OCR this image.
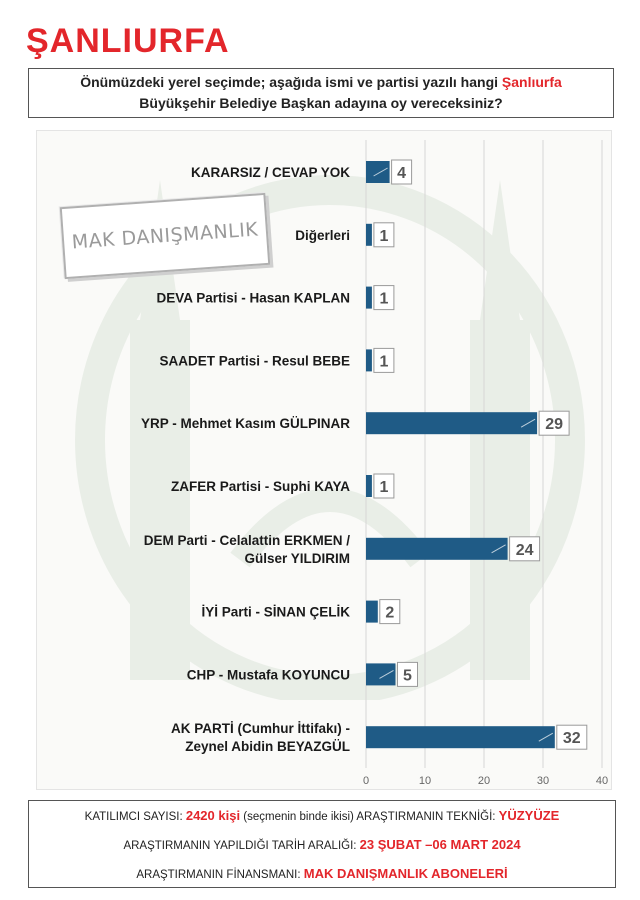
ŞANLIURFA
Önümüzdeki yerel seçimde; aşağıda ismi ve partisi yazılı hangi Şanlıurfa
Büyükşehir Belediye Başkan adayına oy vereceksiniz?
0	10	20	30	40
4
KARARSIZ / CEVAP YOK
1
Diğerleri
1
DEVA Partisi - Hasan KAPLAN
1
SAADET Partisi - Resul BEBE
29
YRP - Mehmet Kasım GÜLPINAR
1
ZAFER Partisi - Suphi KAYA
24
DEM Parti - Celalattin ERKMEN /
Gülser YILDIRIM
2
İYİ Parti - SİNAN ÇELİK
5
CHP - Mustafa KOYUNCU
32
AK PARTİ (Cumhur İttifakı) -
Zeynel Abidin BEYAZGÜL
MAK DANIŞMANLIK
KATILIMCI SAYISI: 2420 kişi (seçmenin binde ikisi) ARAŞTIRMANIN TEKNİĞİ: YÜZYÜZE
ARAŞTIRMANIN YAPILDIĞI TARİH ARALIĞI: 23 ŞUBAT –06 MART 2024
ARAŞTIRMANIN FİNANSMANI: MAK DANIŞMANLIK ABONELERİ
